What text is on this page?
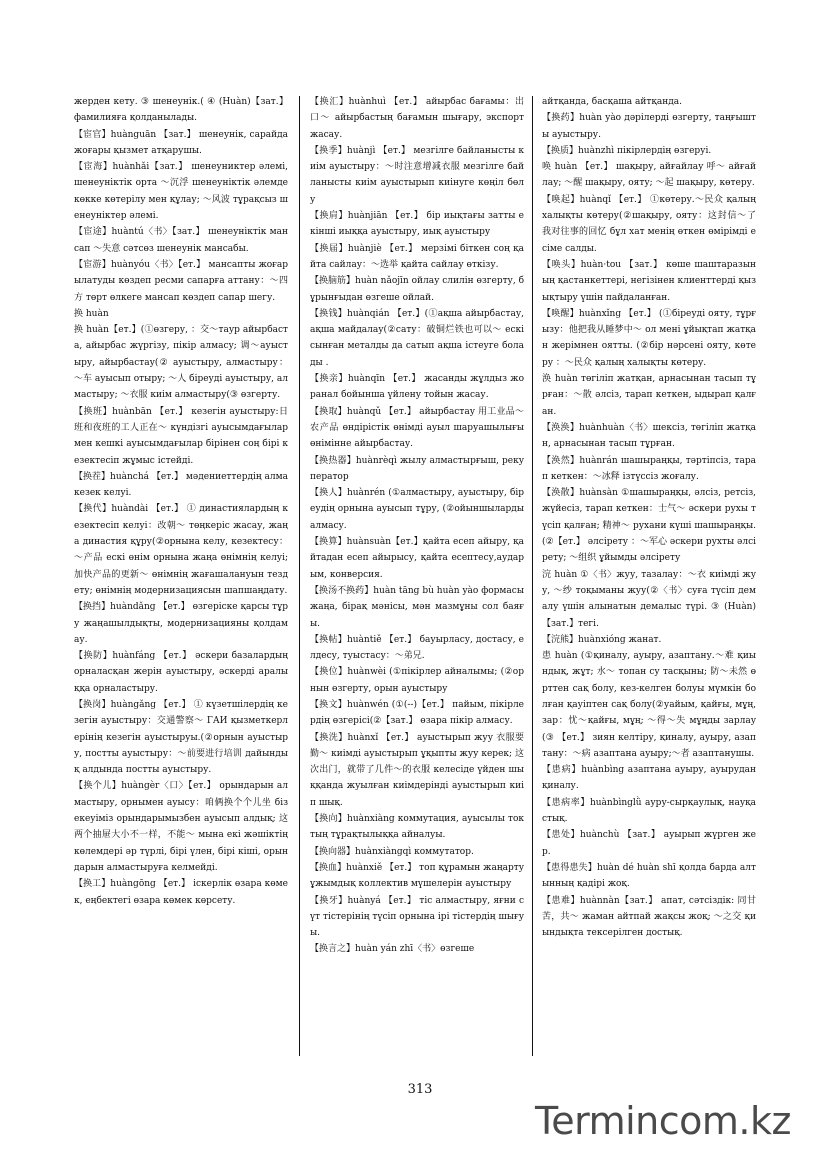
жерден кету. ③ шенеунік.( ④ (Huàn)【зат.】фамилияға қолданылады.

【宦官】huànguān 【зат.】 шенеунік, сарайда жоғары қызмет атқарушы.

【宦海】huànhǎi【зат.】 шенеуниктер әлемі, шенеуніктік орта ～沉浮 шенеуніктік әлемде көкке көтерілу мен құлау; ～风波 тұрақсыз шенеуніктер әлемі.

【宦途】huàntú〈书〉【зат.】 шенеуніктік мансап ～失意 сәтсөз шенеунік мансабы.

【宦游】huànyóu〈书〉【ет.】 мансапты жоғарылатуды көздеп ресми сапарға аттану：～四方 төрт өлкеге мансап көздеп сапар шегу.

换 huàn

换 huàn【ет.】(①өзгеру, ：交～таур айырбаста, айырбас жүргізу, пікір алмасу; 调～ауыстыру, айырбастау(② ауыстыру, алмастыру：～车 ауысып отыру; ～人 біреуді ауыстыру, алмастыру; ～衣服 киім алмастыру(③ өзгерту.

【换班】huànbān 【ет.】 кезегін ауыстыру:日班和夜班的工人正在～ күндізгі ауысымдағылар мен кешкі ауысымдағылар бірінен соң бірі кезектесіп жұмыс істейді.

【换茬】huànchá 【ет.】 мәдениеттердің алма кезек келуі.

【换代】huàndài 【ет.】 ① династиялардың кезектесіп келуі：改朝～ төңкеріс жасау, жаңа династия құру(②орнына келу, кезектесу：～产品 ескі өнім орнына жаңа өнімнің келуі; 加快产品的更新～ өнімнің жағашалануын тездету; өнімнің модернизациясын шапшаңдату.

【换挡】huàndǎng 【ет.】 өзгеріске қарсы тұру жаңашылдықты, модернизацияны қолдамау.

【换防】huànfáng 【ет.】 әскери базалардың орналасқан жерін ауыстыру, әскерді аралыққа орналастыру.

【换岗】huàngǎng 【ет.】 ① күзетшілердің кезегін ауыстыру：交通警察～ ГАИ қызметкерлерінің кезегін ауыстыруы.(②орнын ауыстыру, постты ауыстыру：～前要进行培训 дайындық алдында постты ауыстыру.

【换个儿】huàngèr〈口〉【ет.】 орындарын алмастыру, орнымен ауысу：咱俩换个个儿坐 біз екеуіміз орындарымызбен ауысып алдық; 这两个抽屉大小不一样，不能～ мына екі жәшіктің көлемдері әр түрлі, бірі үлен, бірі кіші, орындарын алмастыруға келмейді.

【换工】huàngōng 【ет.】 іскерлік өзара көмек, еңбектегі өзара көмек көрсету.

【换汇】huànhuì 【ет.】 айырбас бағамы：出口～ айырбастың бағамын шығару, экспорт жасау.

【换季】huànjì 【ет.】 мезгілге байланысты киім ауыстыру：～时注意增减衣服 мезгілге байланысты киім ауыстырып киінуге көңіл бөлу

【换肩】huànjiān 【ет.】 бір иықтағы затты екінші иыққа ауыстыру, иық ауыстыру

【换届】huànjiè 【ет.】 мерзімі біткен соң қайта сайлау：～选举 қайта сайлау өткізу.

【换脑筋】huàn nǎojīn ойлау слилін өзгерту, бұрынғыдан өзгеше ойлай.

【换钱】huànqián 【ет.】(①ақша айырбастау, ақша майдалау(②сату：破铜烂铁也可以～ ескі сынған металды да сатып ақша істеуге болады .

【换亲】huànqīn 【ет.】 жасанды жұлдыз жоранал бойынша үйлену тойын жасау.

【换取】huànqǔ 【ет.】 айырбастау 用工业品～农产品 өндірістік өнімді ауыл шаруашылығы өнімінне айырбастау.

【换热器】huànrèqì жылу алмастырғыш, рекуператор

【换人】huànrén (①алмастыру, ауыстыру, біреудің орнына ауысып тұру, (②ойыншыларды алмасу.

【换算】huànsuàn【ет.】қайта есеп айыру, қайтадан есеп айырысу, қайта есептесу,аударым, конверсия.

【换汤不换药】huàn tāng bù huàn yào формасы жаңа, бірақ мәнісы, мән мазмұны сол баяғы.

【换帖】huàntiě 【ет.】 бауырласу, достасу, елдесу, туыстасу：～弟兄.

【换位】huànwèi (①пікірлер айналымы; (②орнын өзгерту, орын ауыстыру

【换文】huànwén (①(--)【ет.】 пайым, пікірлердің өзгерісі(②【зат.】 өзара пікір алмасу.

【换洗】huànxǐ 【ет.】 ауыстырып жуу 衣服要勤～ киімді ауыстырып ұқыпты жуу керек; 这次出门，就带了几件～的衣服 келесіде үйден шыққанда жуылған киімдерінді ауыстырып киіп шық.

【换向】huànxiàng коммутация, ауысылы токтың тұрақтылыққа айналуы.

【换向器】huànxiàngqì коммутатор.

【换血】huànxiě 【ет.】 топ құрамын жаңарту ұжымдық коллектив мүшелерін ауыстыру

【换牙】huànyá 【ет.】 тіс алмастыру, яғни сүт тістерінің түсіп орнына ірі тістердің шығуы.

【换言之】huàn yán zhī〈书〉өзгеше

айтқанда, басқаша айтқанда.

【换药】huàn yào дәрілерді өзгерту, таңғышты ауыстыру.

【换质】huànzhì пікірлердің өзгеруі.

唤 huàn 【ет.】 шақыру, айғайлау 呼～ айғайлау; ～醒 шақыру, ояту; ～起 шақыру, көтеру.

【唤起】huànqǐ 【ет.】 ①көтеру.～民众 қалың халықты көтеру(②шақыру, ояту：这封信～了我对往事的回忆 бұл хат менің өткен өмірімді есіме салды.

【唤头】huàn·tou 【зат.】 көше шаштаразының қастанкеттері, негізінен клиенттерді қызықтыру үшін пайдаланған.

【唤醒】huànxǐng 【ет.】 (①біреуді ояту, тұрғызу：他把我从睡梦中～ ол мені ұйықтап жатқан жерімнен оятты. (②бір нәрсені ояту, көтеру ：～民众 қалың халықты көтеру.

涣 huàn төгіліп жатқан, арнасынан тасып тұрған：～散 әлсіз, тарап кеткен, ыдырап қалған.

【涣涣】huànhuàn〈书〉шексіз, төгіліп жатқан, арнасынан тасып тұрған.

【涣然】huànrán шашыраңқы, тәртіпсіз, тарап кеткен：～冰释 ізтүссіз жоғалу.

【涣散】huànsàn ①шашыраңқы, әлсіз, ретсіз, жүйесіз, тарап кеткен：士气～ әскери рухы түсіп қалған; 精神～ рухани күші шашыраңқы.(②【ет.】 әлсірету ：～军心 әскери рухты әлсірету; ～组织 ұйымды әлсірету

浣 huàn ①〈书〉жуу, тазалау：～衣 киімді жуу, ～纱 тоқыманы жуу(②〈书〉суға түсіп дем алу үшін алынатын демалыс түрі. ③ (Huàn)【зат.】тегі.

【浣熊】huànxióng жанат.

患 huàn (①қиналу, ауыру, азаптану.～难 қиындық, жұт; 水～ топан су тасқыны; 防～未然 өрттен сақ болу, кез-келген болуы мүмкін болған қауіптен сақ болу(②уайым, қайғы, мұң, зар：忧～қайғы, мұң; ～得～失 мұңды зарлау(③ 【ет.】 зиян келтіру, қиналу, ауыру, азаптану：～病 азаптана ауыру;～者 азаптанушы.

【患病】huànbìng азаптана ауыру, ауырудан қиналу.

【患病率】huànbìnglǜ ауру-сырқаулық, науқастық.

【患处】huànchù 【зат.】 ауырып жүрген жер.

【患得患失】huàn dé huàn shī қолда барда алтынның қадірі жоқ.

【患难】huànnàn【зат.】 апат, сәтсіздік: 同甘苦，共～ жаман айтпай жақсы жоқ; ～之交 қиындықта тексерілген достық.

313
Termincom.kz
